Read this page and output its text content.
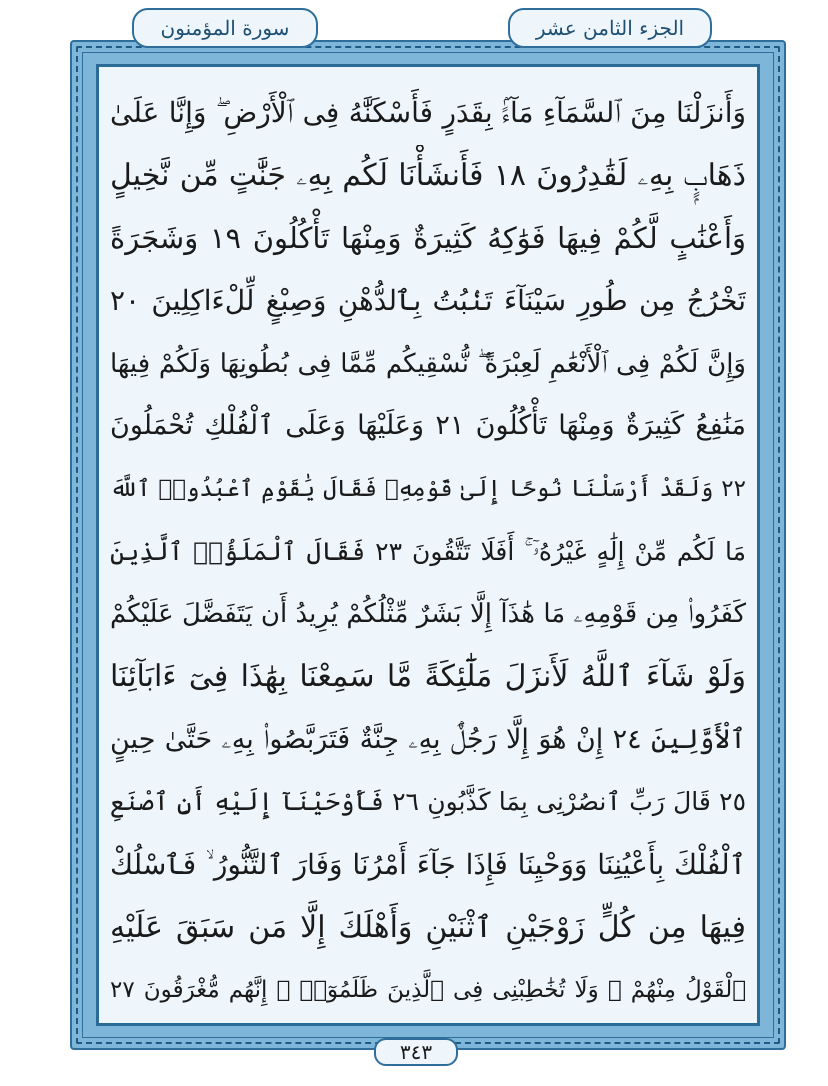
سورة المؤمنون	الجزء الثامن عشر
وَأَنزَلْنَا مِنَ ٱلسَّمَآءِ مَآءًۢ بِقَدَرٍ فَأَسْكَنَّٰهُ فِى ٱلْأَرْضِ ۖ وَإِنَّا عَلَىٰ
ذَهَابٍۭ بِهِۦ لَقَٰدِرُونَ ١٨ فَأَنشَأْنَا لَكُم بِهِۦ جَنَّٰتٍ مِّن نَّخِيلٍ
وَأَعْنَٰبٍ لَّكُمْ فِيهَا فَوَٰكِهُ كَثِيرَةٌ وَمِنْهَا تَأْكُلُونَ ١٩ وَشَجَرَةً
تَخْرُجُ مِن طُورِ سَيْنَآءَ تَنۢبُتُ بِٱلدُّهْنِ وَصِبْغٍ لِّلْءَاكِلِينَ ٢٠
وَإِنَّ لَكُمْ فِى ٱلْأَنْعَٰمِ لَعِبْرَةً ۖ نُّسْقِيكُم مِّمَّا فِى بُطُونِهَا وَلَكُمْ فِيهَا
مَنَٰفِعُ كَثِيرَةٌ وَمِنْهَا تَأْكُلُونَ ٢١ وَعَلَيْهَا وَعَلَى ٱلْفُلْكِ تُحْمَلُونَ
٢٢ وَلَقَدْ أَرْسَلْنَا نُوحًا إِلَىٰ قَوْمِهِۦ فَقَالَ يَٰقَوْمِ ٱعْبُدُوا۟ ٱللَّهَ
مَا لَكُم مِّنْ إِلَٰهٍ غَيْرُهُۥٓ ۚ أَفَلَا تَتَّقُونَ ٢٣ فَقَالَ ٱلْمَلَؤُا۟ ٱلَّذِينَ
كَفَرُوا۟ مِن قَوْمِهِۦ مَا هَٰذَآ إِلَّا بَشَرٌ مِّثْلُكُمْ يُرِيدُ أَن يَتَفَضَّلَ عَلَيْكُمْ
وَلَوْ شَآءَ ٱللَّهُ لَأَنزَلَ مَلَٰٓئِكَةً مَّا سَمِعْنَا بِهَٰذَا فِىٓ ءَابَآئِنَا
ٱلْأَوَّلِينَ ٢٤ إِنْ هُوَ إِلَّا رَجُلٌۢ بِهِۦ جِنَّةٌ فَتَرَبَّصُوا۟ بِهِۦ حَتَّىٰ حِينٍ
٢٥ قَالَ رَبِّ ٱنصُرْنِى بِمَا كَذَّبُونِ ٢٦ فَأَوْحَيْنَآ إِلَيْهِ أَنِ ٱصْنَعِ
ٱلْفُلْكَ بِأَعْيُنِنَا وَوَحْيِنَا فَإِذَا جَآءَ أَمْرُنَا وَفَارَ ٱلتَّنُّورُ ۙ فَٱسْلُكْ
فِيهَا مِن كُلٍّ زَوْجَيْنِ ٱثْنَيْنِ وَأَهْلَكَ إِلَّا مَن سَبَقَ عَلَيْهِ
ٱلْقَوْلُ مِنْهُمْ ۖ وَلَا تُخَٰطِبْنِى فِى ٱلَّذِينَ ظَلَمُوٓا۟ ۖ إِنَّهُم مُّغْرَقُونَ ٢٧
٣٤٣
